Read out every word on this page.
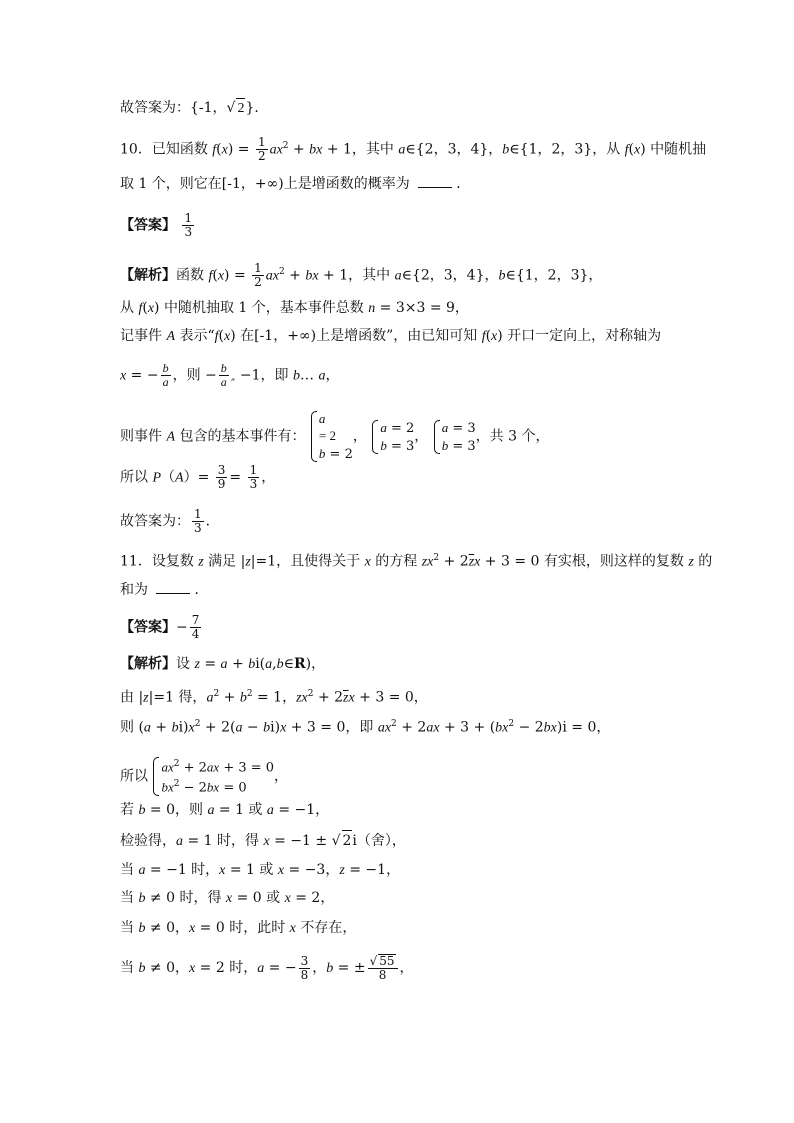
故答案为：{-1，√ 2}．
10．已知函数 $f(x) = \frac{1}{2} ax^2$ + bx + 1，其中 a∈{2，3，4}，b∈{1，2，3}，从 f(x) 中随机抽
取 1 个，则它在[-1，+∞)上是增函数的概率为	．
【答案】 $\frac{1}{3}$
【解析】函数 $f(x) = \frac{1}{2} ax^2$ + bx + 1，其中 a∈{2，3，4}，b∈{1，2，3}，
从 f(x) 中随机抽取 1 个，基本事件总数 n = 3×3 = 9，
记事件 A 表示“f(x) 在[-1，+∞)上是增函数”，由已知可知 f(x) 开口一定向上，对称轴为
x = − $\frac{b}{a}$ ，则 − $\frac{b}{a}$ „ −1，即 b… a，
则事件 A 包含的基本事件有：
a
= 2
b = 2， a = 2
b = 3， a = 3
b = 3，共 3 个，
所以 $P(A)= \frac{3}{9} = \frac{1}{3}$ ，
故答案为： $\frac{1}{3}$ ．
11．设复数 z 满足 |z|=1，且使得关于 x 的方程 $zx^2 + 2\overline{z}x + 3 = 0$ 有实根，则这样的复数 z 的
和为	．
【答案】− $\frac{7}{4}$
【解析】设 z = a + bi(a,b∈R)，
由 |z|=1 得，$a^2 + b^2 = 1$，$zx^2 + 2\overline{z}x + 3 = 0$，
则 $(a + bi)x^2 + 2(a - bi)x + 3 = 0$，即 $ax^2 + 2ax + 3 + (bx^2 - 2bx)i = 0$，
所以 $ax^2 + 2ax + 3 = 0$
$bx^2 - 2bx = 0$，
若 b = 0，则 a = 1 或 a = −1，
检验得，a = 1 时，得 x = −1 ± √ 2i（舍），
当 a = −1 时，x = 1 或 x = −3，z = −1，
当 b ≠ 0 时，得 x = 0 或 x = 2，
当 b ≠ 0，x = 0 时，此时 x 不存在，
当 b ≠ 0，x = 2 时，a = − $\frac{3}{8}$ ，b = ± $\frac{√ 55}{8}$ ，
